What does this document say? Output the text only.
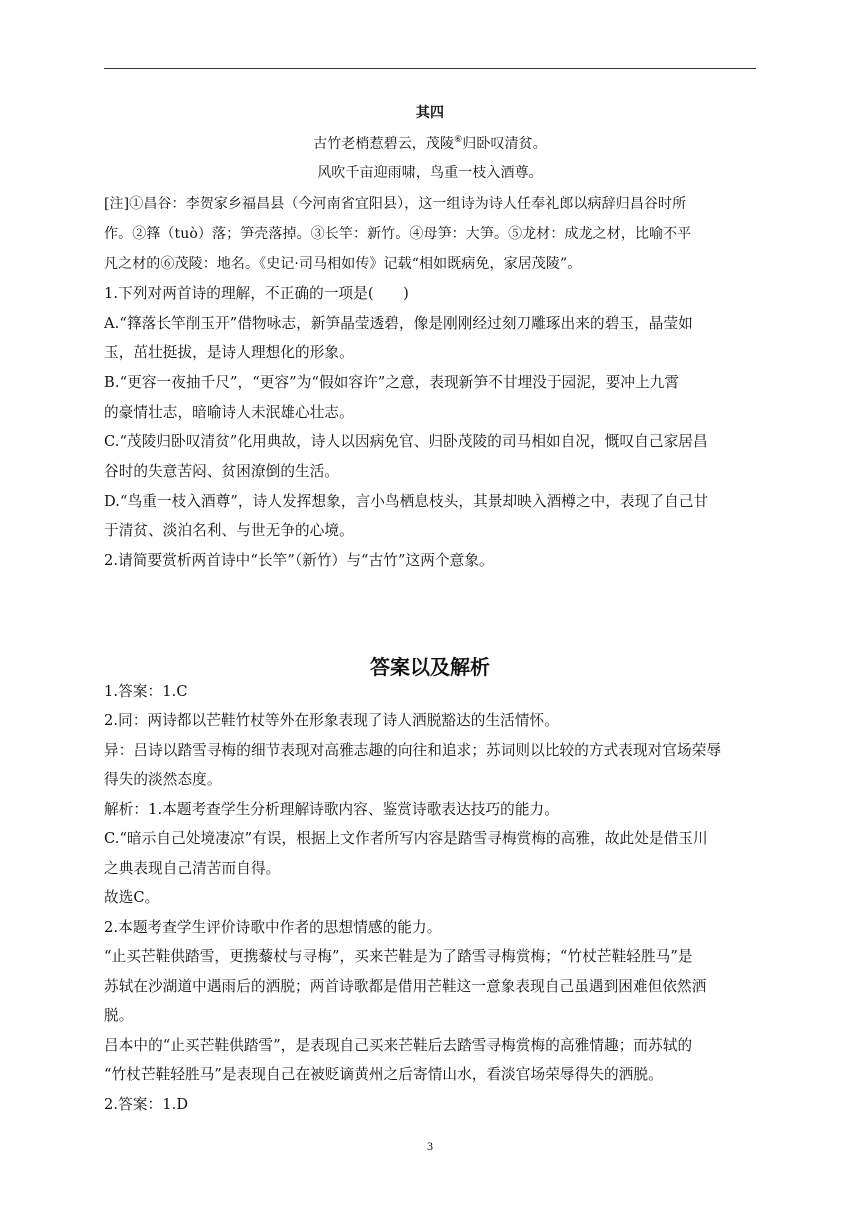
其四
古竹老梢惹碧云，茂陵⑥归卧叹清贫。
风吹千亩迎雨啸，鸟重一枝入酒尊。
[注]①昌谷：李贺家乡福昌县（今河南省宜阳县），这一组诗为诗人任奉礼郎以病辞归昌谷时所
作。②箨（tuò）落；笋壳落掉。③长竿：新竹。④母笋：大笋。⑤龙材：成龙之材，比喻不平
凡之材的⑥茂陵：地名。《史记·司马相如传》记载“相如既病免，家居茂陵”。
1.下列对两首诗的理解，不正确的一项是(　　)
A.“箨落长竿削玉开”借物咏志，新笋晶莹透碧，像是刚刚经过刻刀雕琢出来的碧玉，晶莹如
玉，茁壮挺拔，是诗人理想化的形象。
B.“更容一夜抽千尺”，“更容”为“假如容许”之意，表现新笋不甘埋没于园泥，要冲上九霄
的豪情壮志，暗喻诗人未泯雄心壮志。
C.“茂陵归卧叹清贫”化用典故，诗人以因病免官、归卧茂陵的司马相如自况，慨叹自己家居昌
谷时的失意苦闷、贫困潦倒的生活。
D.“鸟重一枝入酒尊”，诗人发挥想象，言小鸟栖息枝头，其景却映入酒樽之中，表现了自己甘
于清贫、淡泊名利、与世无争的心境。
2.请简要赏析两首诗中“长竿”（新竹）与“古竹”这两个意象。
答案以及解析
1.答案：1.C
2.同：两诗都以芒鞋竹杖等外在形象表现了诗人洒脱豁达的生活情怀。
异：吕诗以踏雪寻梅的细节表现对高雅志趣的向往和追求；苏词则以比较的方式表现对官场荣辱
得失的淡然态度。
解析：1.本题考查学生分析理解诗歌内容、鉴赏诗歌表达技巧的能力。
C.“暗示自己处境凄凉”有误，根据上文作者所写内容是踏雪寻梅赏梅的高雅，故此处是借玉川
之典表现自己清苦而自得。
故选C。
2.本题考查学生评价诗歌中作者的思想情感的能力。
“止买芒鞋供踏雪，更携藜杖与寻梅”，买来芒鞋是为了踏雪寻梅赏梅；“竹杖芒鞋轻胜马”是
苏轼在沙湖道中遇雨后的洒脱；两首诗歌都是借用芒鞋这一意象表现自己虽遇到困难但依然洒
脱。
吕本中的“止买芒鞋供踏雪”，是表现自己买来芒鞋后去踏雪寻梅赏梅的高雅情趣；而苏轼的
“竹杖芒鞋轻胜马”是表现自己在被贬谪黄州之后寄情山水，看淡官场荣辱得失的洒脱。
2.答案：1.D
3
